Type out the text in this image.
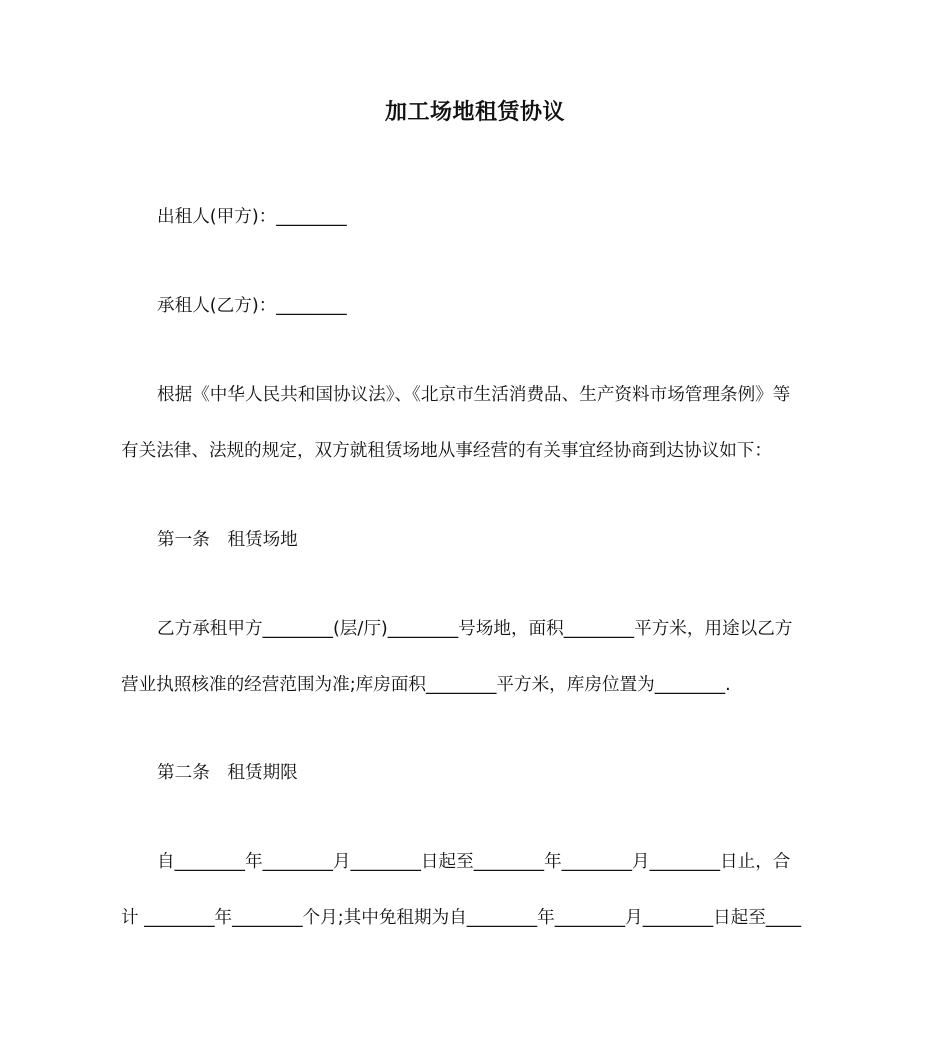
加工场地租赁协议
出租人(甲方)：________
承租人(乙方)：________
根据《中华人民共和国协议法》、《北京市生活消费品、生产资料市场管理条例》等
有关法律、法规的规定，双方就租赁场地从事经营的有关事宜经协商到达协议如下：
第一条　租赁场地
乙方承租甲方________(层/厅)________号场地，面积________平方米，用途以乙方
营业执照核准的经营范围为准;库房面积________平方米，库房位置为________.
第二条　租赁期限
自________年________月________日起至________年________月________日止，合
计 ________年________个月;其中免租期为自________年________月________日起至____
